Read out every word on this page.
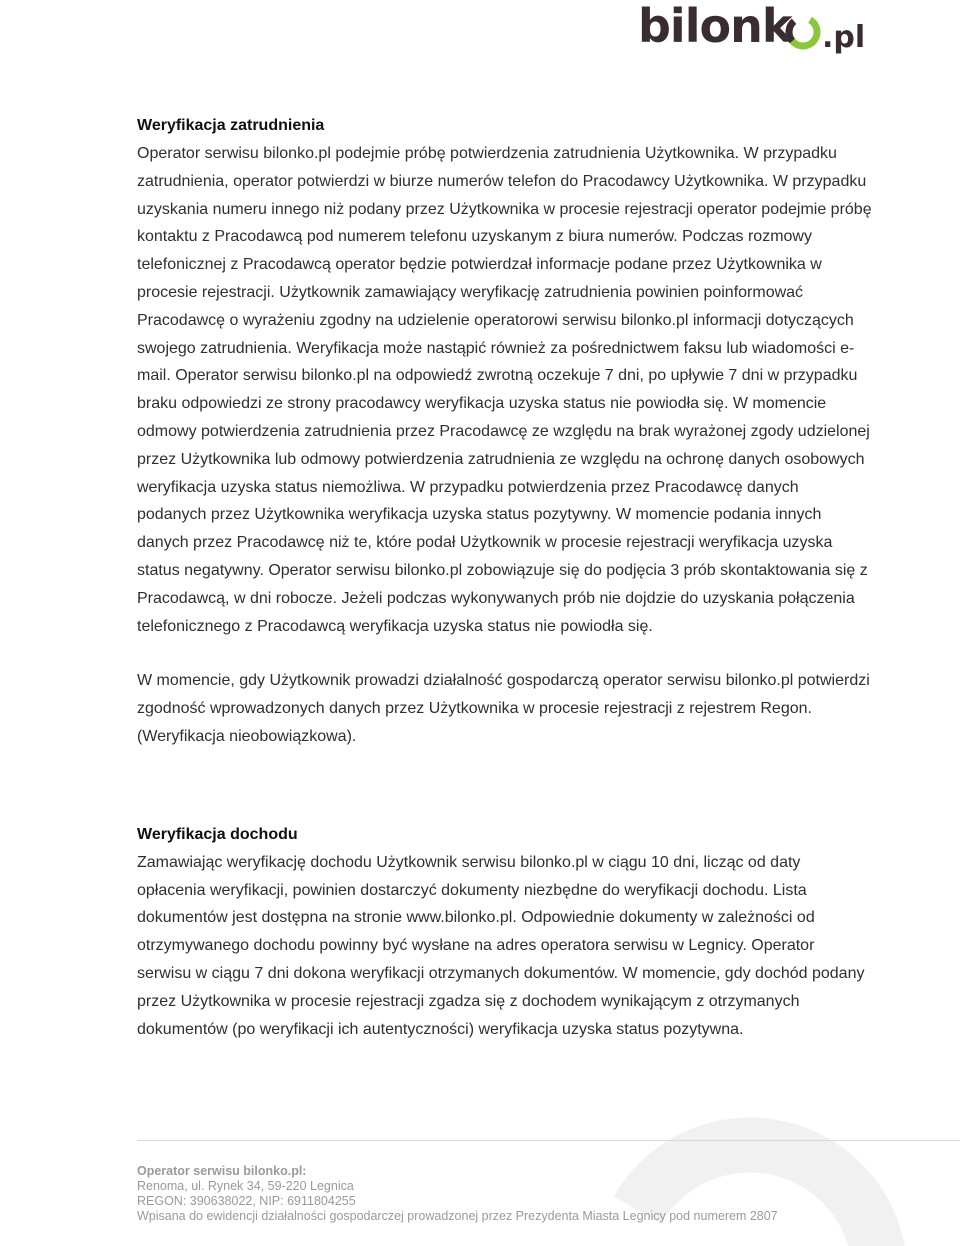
bilonk .pl
Weryfikacja zatrudnienia

Operator serwisu bilonko.pl podejmie próbę potwierdzenia zatrudnienia Użytkownika. W przypadku zatrudnienia, operator potwierdzi w biurze numerów telefon do Pracodawcy Użytkownika. W przypadku uzyskania numeru innego niż podany przez Użytkownika w procesie rejestracji operator podejmie próbę kontaktu z Pracodawcą pod numerem telefonu uzyskanym z biura numerów. Podczas rozmowy telefonicznej z Pracodawcą operator będzie potwierdzał informacje podane przez Użytkownika w procesie rejestracji. Użytkownik zamawiający weryfikację zatrudnienia powinien poinformować Pracodawcę o wyrażeniu zgodny na udzielenie operatorowi serwisu bilonko.pl informacji dotyczących swojego zatrudnienia. Weryfikacja może nastąpić również za pośrednictwem faksu lub wiadomości e-mail. Operator serwisu bilonko.pl na odpowiedź zwrotną oczekuje 7 dni, po upływie 7 dni w przypadku braku odpowiedzi ze strony pracodawcy weryfikacja uzyska status nie powiodła się. W momencie odmowy potwierdzenia zatrudnienia przez Pracodawcę ze względu na brak wyrażonej zgody udzielonej przez Użytkownika lub odmowy potwierdzenia zatrudnienia ze względu na ochronę danych osobowych weryfikacja uzyska status niemożliwa. W przypadku potwierdzenia przez Pracodawcę danych podanych przez Użytkownika weryfikacja uzyska status pozytywny. W momencie podania innych danych przez Pracodawcę niż te, które podał Użytkownik w procesie rejestracji weryfikacja uzyska status negatywny. Operator serwisu bilonko.pl zobowiązuje się do podjęcia 3 prób skontaktowania się z Pracodawcą, w dni robocze. Jeżeli podczas wykonywanych prób nie dojdzie do uzyskania połączenia telefonicznego z Pracodawcą weryfikacja uzyska status nie powiodła się.

W momencie, gdy Użytkownik prowadzi działalność gospodarczą operator serwisu bilonko.pl potwierdzi zgodność wprowadzonych danych przez Użytkownika w procesie rejestracji z rejestrem Regon. (Weryfikacja nieobowiązkowa).

Weryfikacja dochodu

Zamawiając weryfikację dochodu Użytkownik serwisu bilonko.pl w ciągu 10 dni, licząc od daty opłacenia weryfikacji, powinien dostarczyć dokumenty niezbędne do weryfikacji dochodu. Lista dokumentów jest dostępna na stronie www.bilonko.pl. Odpowiednie dokumenty w zależności od otrzymywanego dochodu powinny być wysłane na adres operatora serwisu w Legnicy. Operator serwisu w ciągu 7 dni dokona weryfikacji otrzymanych dokumentów. W momencie, gdy dochód podany przez Użytkownika w procesie rejestracji zgadza się z dochodem wynikającym z otrzymanych dokumentów (po weryfikacji ich autentyczności) weryfikacja uzyska status pozytywna.

Operator serwisu bilonko.pl:
Renoma, ul. Rynek 34, 59-220 Legnica
REGON: 390638022, NIP: 6911804255
Wpisana do ewidencji działalności gospodarczej prowadzonej przez Prezydenta Miasta Legnicy pod numerem 2807
